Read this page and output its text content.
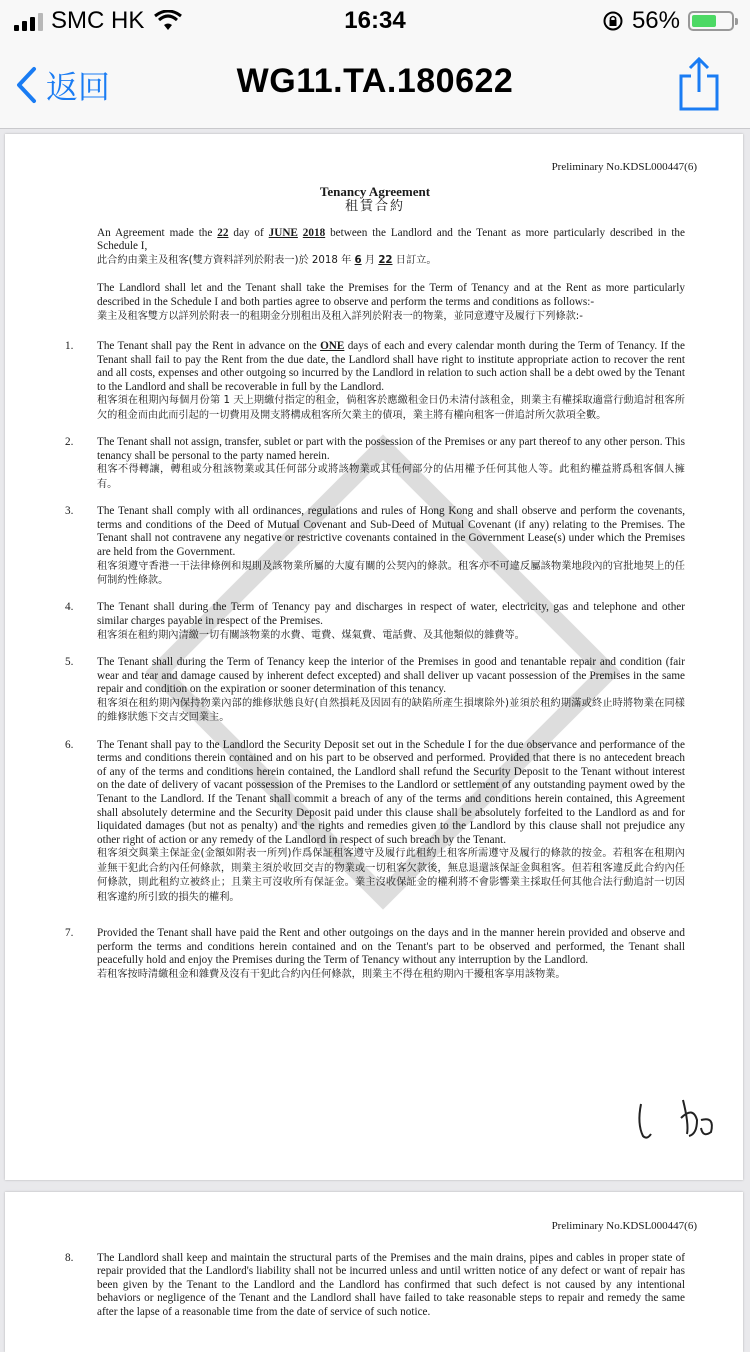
SMC HK	16:34	56%
返回	WG11.TA.180622
Preliminary No.KDSL000447(6)
Tenancy Agreement
租賃合約
An Agreement made the 22 day of JUNE 2018 between the Landlord and the Tenant as more particularly described in the Schedule I,
此合約由業主及租客(雙方資料詳列於附表一)於 2018 年 6 月 22 日訂立。
The Landlord shall let and the Tenant shall take the Premises for the Term of Tenancy and at the Rent as more particularly described in the Schedule I and both parties agree to observe and perform the terms and conditions as follows:-
業主及租客雙方以詳列於附表一的租期金分別租出及租入詳列於附表一的物業，並同意遵守及履行下列條款:-
1. The Tenant shall pay the Rent in advance on the ONE days of each and every calendar month during the Term of Tenancy. If the Tenant shall fail to pay the Rent from the due date, the Landlord shall have right to institute appropriate action to recover the rent and all costs, expenses and other outgoing so incurred by the Landlord in relation to such action shall be a debt owed by the Tenant to the Landlord and shall be recoverable in full by the Landlord.
租客須在租期內每個月份第 1 天上期繳付指定的租金，倘租客於應繳租金日仍未清付該租金，則業主有權採取適當行動追討租客所欠的租金而由此而引起的一切費用及開支將構成租客所欠業主的債項，業主將有權向租客一併追討所欠款項全數。
2. The Tenant shall not assign, transfer, sublet or part with the possession of the Premises or any part thereof to any other person. This tenancy shall be personal to the party named herein.
租客不得轉讓，轉租或分租該物業或其任何部分或將該物業或其任何部分的佔用權予任何其他人等。此租約權益將爲租客個人擁有。
3. The Tenant shall comply with all ordinances, regulations and rules of Hong Kong and shall observe and perform the covenants, terms and conditions of the Deed of Mutual Covenant and Sub-Deed of Mutual Covenant (if any) relating to the Premises. The Tenant shall not contravene any negative or restrictive covenants contained in the Government Lease(s) under which the Premises are held from the Government.
租客須遵守香港一干法律條例和規則及該物業所屬的大廈有關的公契內的條款。租客亦不可違反屬該物業地段內的官批地契上的任何制約性條款。
4. The Tenant shall during the Term of Tenancy pay and discharges in respect of water, electricity, gas and telephone and other similar charges payable in respect of the Premises.
租客須在租約期內清繳一切有關該物業的水費、電費、煤氣費、電話費、及其他類似的雜費等。
5. The Tenant shall during the Term of Tenancy keep the interior of the Premises in good and tenantable repair and condition (fair wear and tear and damage caused by inherent defect excepted) and shall deliver up vacant possession of the Premises in the same repair and condition on the expiration or sooner determination of this tenancy.
租客須在租約期內保持物業內部的維修狀態良好(自然損耗及因固有的缺陷所產生損壞除外)並須於租約期滿或終止時將物業在同樣的維修狀態下交吉交回業主。
6. The Tenant shall pay to the Landlord the Security Deposit set out in the Schedule I for the due observance and performance of the terms and conditions therein contained and on his part to be observed and performed. Provided that there is no antecedent breach of any of the terms and conditions herein contained, the Landlord shall refund the Security Deposit to the Tenant without interest on the date of delivery of vacant possession of the Premises to the Landlord or settlement of any outstanding payment owed by the Tenant to the Landlord. If the Tenant shall commit a breach of any of the terms and conditions herein contained, this Agreement shall absolutely determine and the Security Deposit paid under this clause shall be absolutely forfeited to the Landlord as and for liquidated damages (but not as penalty) and the rights and remedies given to the Landlord by this clause shall not prejudice any other right of action or any remedy of the Landlord in respect of such breach by the Tenant.
租客須交與業主保証金(金額如附表一所列)作爲保証租客遵守及履行此租約上租客所需遵守及履行的條款的按金。若租客在租期內並無干犯此合約內任何條款，則業主須於收回交吉的物業或一切租客欠款後，無息退還該保証金與租客。但若租客違反此合約內任何條款，則此租約立被終止；且業主可沒收所有保証金。業主沒收保証金的權利將不會影響業主採取任何其他合法行動追討一切因租客違約所引致的損失的權利。
7. Provided the Tenant shall have paid the Rent and other outgoings on the days and in the manner herein provided and observe and perform the terms and conditions herein contained and on the Tenant's part to be observed and performed, the Tenant shall peacefully hold and enjoy the Premises during the Term of Tenancy without any interruption by the Landlord.
若租客按時清繳租金和雜費及沒有干犯此合約內任何條款，則業主不得在租約期內干擾租客享用該物業。
Preliminary No.KDSL000447(6)
8. The Landlord shall keep and maintain the structural parts of the Premises and the main drains, pipes and cables in proper state of repair provided that the Landlord's liability shall not be incurred unless and until written notice of any defect or want of repair has been given by the Tenant to the Landlord and the Landlord has confirmed that such defect is not caused by any intentional behaviors or negligence of the Tenant and the Landlord shall have failed to take reasonable steps to repair and remedy the same after the lapse of a reasonable time from the date of service of such notice.
